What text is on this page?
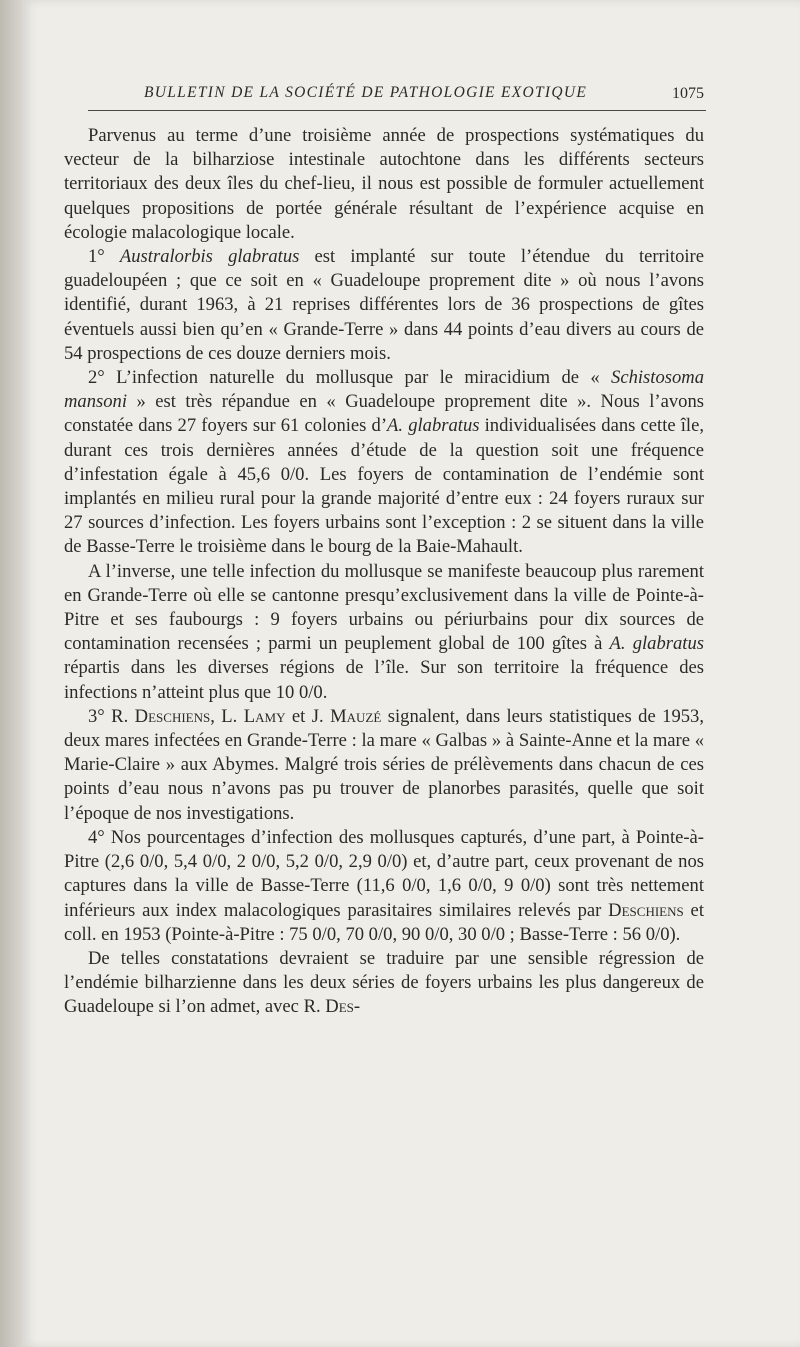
BULLETIN DE LA SOCIÉTÉ DE PATHOLOGIE EXOTIQUE	1075

Parvenus au terme d’une troisième année de prospections systématiques du vecteur de la bilharziose intestinale autochtone dans les différents secteurs territoriaux des deux îles du chef-lieu, il nous est possible de formuler actuellement quelques propositions de portée générale résultant de l’expérience acquise en écologie malacologique locale.

1° Australorbis glabratus est implanté sur toute l’étendue du territoire guadeloupéen ; que ce soit en « Guadeloupe proprement dite » où nous l’avons identifié, durant 1963, à 21 reprises différentes lors de 36 prospections de gîtes éventuels aussi bien qu’en « Grande-Terre » dans 44 points d’eau divers au cours de 54 prospections de ces douze derniers mois.

2° L’infection naturelle du mollusque par le miracidium de « Schistosoma mansoni » est très répandue en « Guadeloupe proprement dite ». Nous l’avons constatée dans 27 foyers sur 61 colonies d’A. glabratus individualisées dans cette île, durant ces trois dernières années d’étude de la question soit une fréquence d’infestation égale à 45,6 0/0. Les foyers de contamination de l’endémie sont implantés en milieu rural pour la grande majorité d’entre eux : 24 foyers ruraux sur 27 sources d’infection. Les foyers urbains sont l’exception : 2 se situent dans la ville de Basse-Terre le troisième dans le bourg de la Baie-Mahault.

A l’inverse, une telle infection du mollusque se manifeste beaucoup plus rarement en Grande-Terre où elle se cantonne presqu’exclusivement dans la ville de Pointe-à-Pitre et ses faubourgs : 9 foyers urbains ou périurbains pour dix sources de contamination recensées ; parmi un peuplement global de 100 gîtes à A. glabratus répartis dans les diverses régions de l’île. Sur son territoire la fréquence des infections n’atteint plus que 10 0/0.

3° R. Deschiens, L. Lamy et J. Mauzé signalent, dans leurs statistiques de 1953, deux mares infectées en Grande-Terre : la mare « Galbas » à Sainte-Anne et la mare « Marie-Claire » aux Abymes. Malgré trois séries de prélèvements dans chacun de ces points d’eau nous n’avons pas pu trouver de planorbes parasités, quelle que soit l’époque de nos investigations.

4° Nos pourcentages d’infection des mollusques capturés, d’une part, à Pointe-à-Pitre (2,6 0/0, 5,4 0/0, 2 0/0, 5,2 0/0, 2,9 0/0) et, d’autre part, ceux provenant de nos captures dans la ville de Basse-Terre (11,6 0/0, 1,6 0/0, 9 0/0) sont très nettement inférieurs aux index malacologiques parasitaires similaires relevés par Deschiens et coll. en 1953 (Pointe-à-Pitre : 75 0/0, 70 0/0, 90 0/0, 30 0/0 ; Basse-Terre : 56 0/0).

De telles constatations devraient se traduire par une sensible régression de l’endémie bilharzienne dans les deux séries de foyers urbains les plus dangereux de Guadeloupe si l’on admet, avec R. Des-
